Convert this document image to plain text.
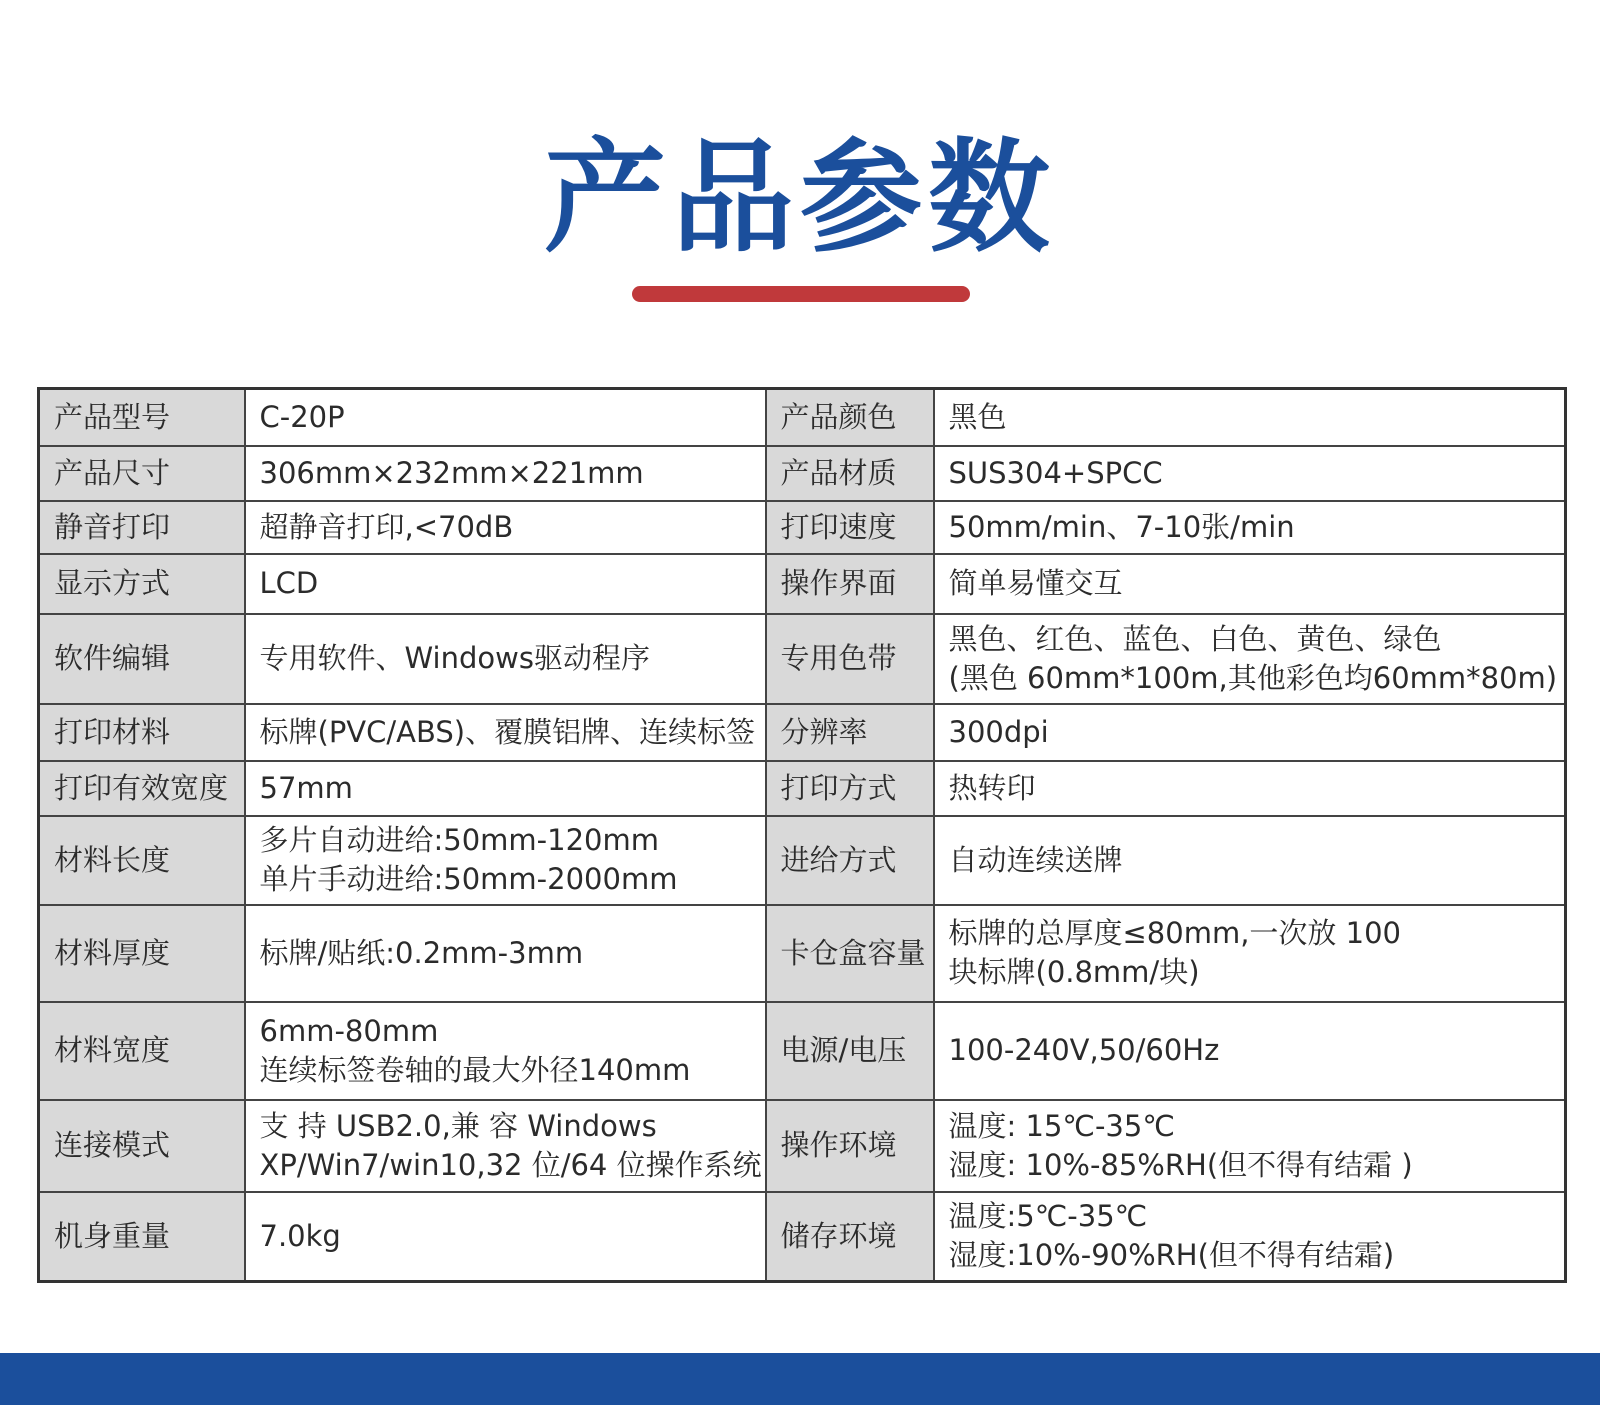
产品参数
产品型号	C-20P	产品颜色	黑色

产品尺寸	306mm×232mm×221mm	产品材质	SUS304+SPCC

静音打印	超静音打印,<70dB	打印速度	50mm/min、7-10张/min

显示方式	LCD	操作界面	简单易懂交互

软件编辑	专用软件、Windows驱动程序	专用色带	黑色、红色、蓝色、白色、黄色、绿色
(黑色 60mm*100m,其他彩色均60mm*80m)

打印材料	标牌(PVC/ABS)、覆膜铝牌、连续标签	分辨率	300dpi

打印有效宽度	57mm	打印方式	热转印

材料长度	多片自动进给:50mm-120mm
单片手动进给:50mm-2000mm	进给方式	自动连续送牌

材料厚度	标牌/贴纸:0.2mm-3mm	卡仓盒容量	标牌的总厚度≤80mm,一次放 100
块标牌(0.8mm/块)

材料宽度	6mm-80mm
连续标签卷轴的最大外径140mm	电源/电压	100-240V,50/60Hz

连接模式	支 持 USB2.0,兼 容 Windows
XP/Win7/win10,32 位/64 位操作系统	操作环境	温度: 15℃-35℃
湿度: 10%-85%RH(但不得有结霜 )

机身重量	7.0kg	储存环境	温度:5℃-35℃
湿度:10%-90%RH(但不得有结霜)
